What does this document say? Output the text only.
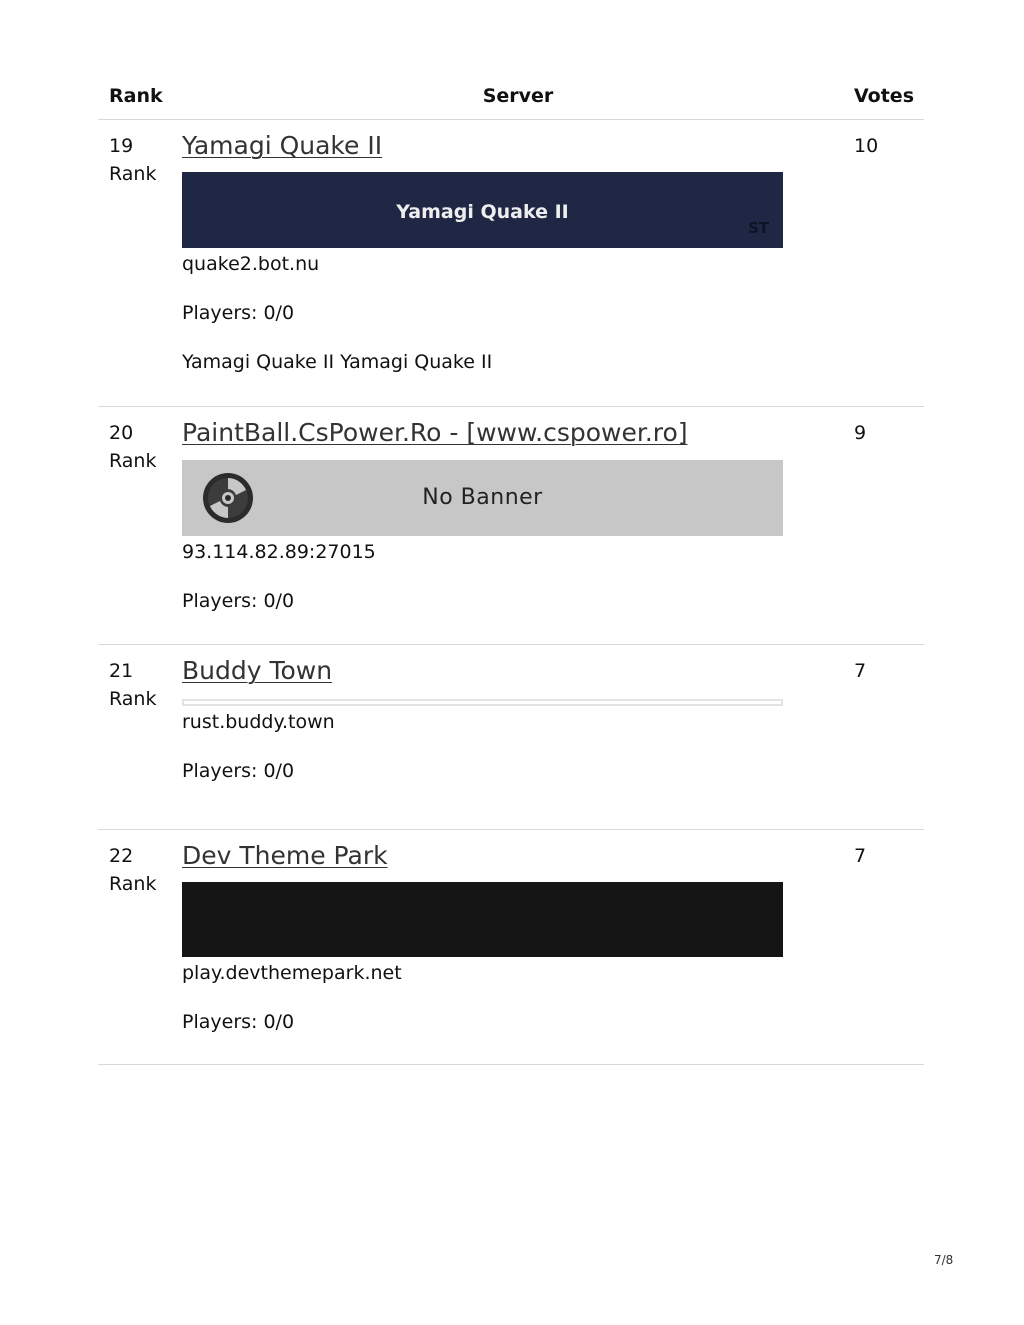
Rank	Server	Votes
19
Rank
Yamagi Quake II
Yamagi Quake II
ST
quake2.bot.nu
Players: 0/0
Yamagi Quake II Yamagi Quake II
10
20
Rank
PaintBall.CsPower.Ro - [www.cspower.ro]
No Banner
93.114.82.89:27015
Players: 0/0
9
21
Rank
Buddy Town
rust.buddy.town
Players: 0/0
7
22
Rank
Dev Theme Park
play.devthemepark.net
Players: 0/0
7
7/8
